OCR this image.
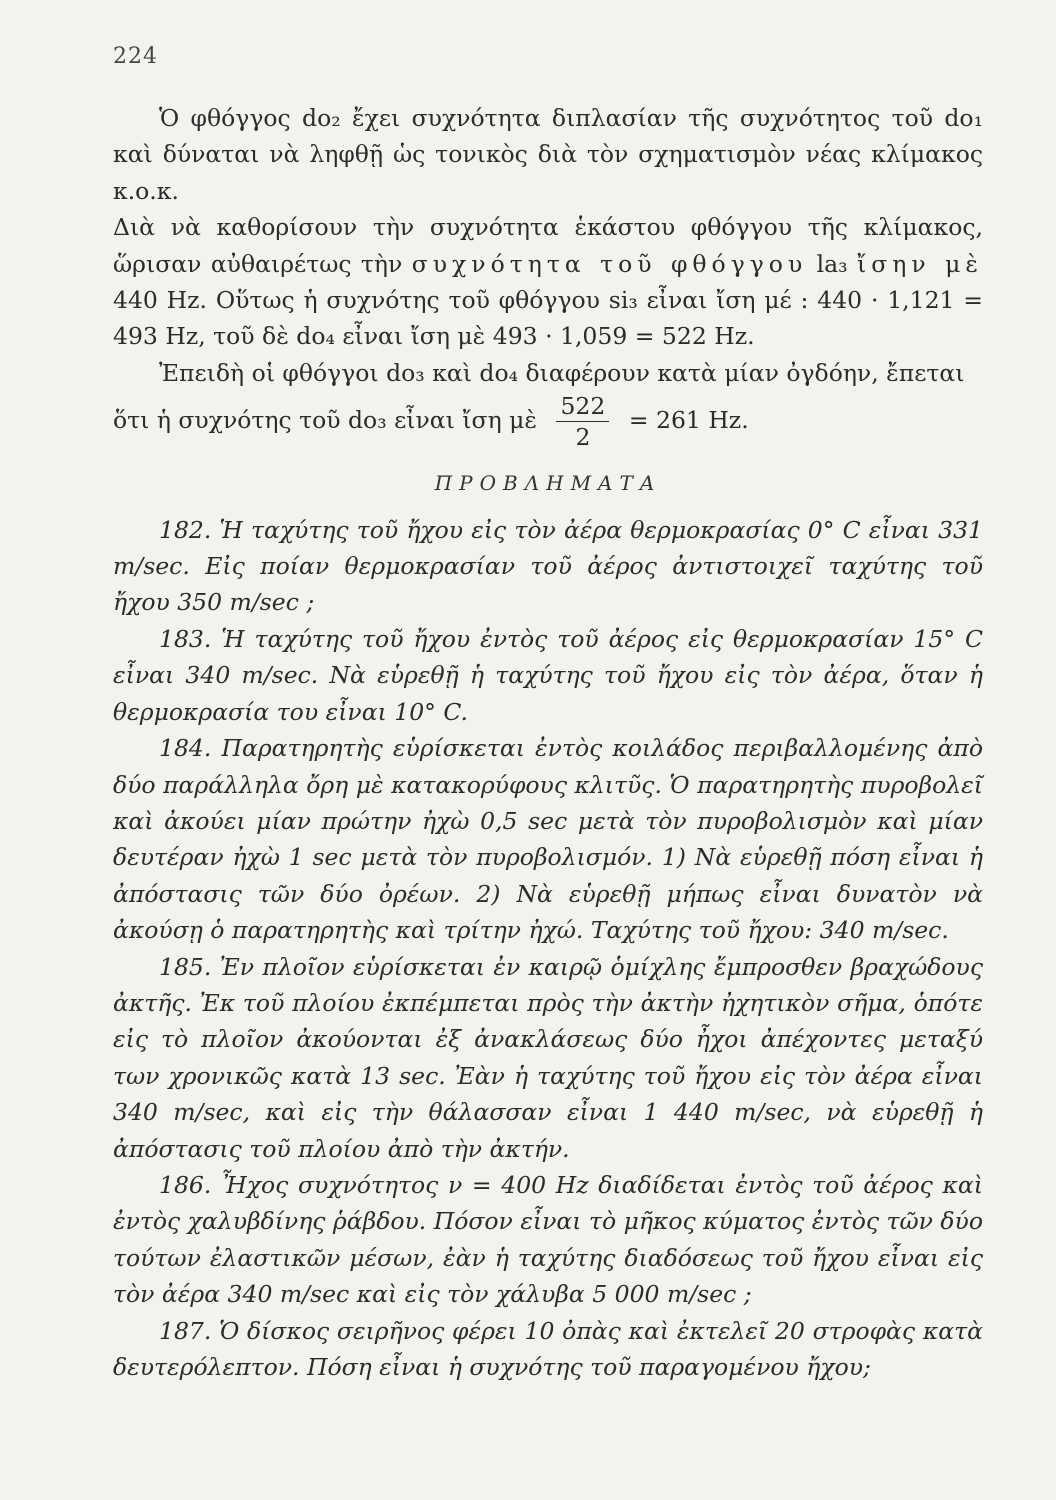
224

Ὁ φθόγγος do₂ ἔχει συχνότητα διπλασίαν τῆς συχνότητος τοῦ do₁ καὶ δύναται νὰ ληφθῇ ὡς τονικὸς διὰ τὸν σχηματισμὸν νέας κλίμακος κ.ο.κ.

Διὰ νὰ καθορίσουν τὴν συχνότητα ἑκάστου φθόγγου τῆς κλίμακος, ὥρισαν αὐθαιρέτως τὴν συχνότητα τοῦ φθόγγου la₃ ἴσην μὲ 440 Hz. Οὕτως ἡ συχνότης τοῦ φθόγγου si₃ εἶναι ἴση μέ : 440 · 1,121 = 493 Hz, τοῦ δὲ do₄ εἶναι ἴση μὲ 493 · 1,059 = 522 Hz.

Ἐπειδὴ οἱ φθόγγοι do₃ καὶ do₄ διαφέρουν κατὰ μίαν ὀγδόην, ἔπεται

ὅτι ἡ συχνότης τοῦ do₃ εἶναι ἴση μὲ $\frac{522}{2} = 261$ Hz.

ΠΡΟΒΛΗΜΑΤΑ

182. Ἡ ταχύτης τοῦ ἤχου εἰς τὸν ἀέρα θερμοκρασίας 0° C εἶναι 331 m/sec. Εἰς ποίαν θερμοκρασίαν τοῦ ἀέρος ἀντιστοιχεῖ ταχύτης τοῦ ἤχου 350 m/sec ;

183. Ἡ ταχύτης τοῦ ἤχου ἐντὸς τοῦ ἀέρος εἰς θερμοκρασίαν 15° C εἶναι 340 m/sec. Νὰ εὑρεθῇ ἡ ταχύτης τοῦ ἤχου εἰς τὸν ἀέρα, ὅταν ἡ θερμοκρασία του εἶναι 10° C.

184. Παρατηρητὴς εὑρίσκεται ἐντὸς κοιλάδος περιβαλλομένης ἀπὸ δύο παράλληλα ὄρη μὲ κατακορύφους κλιτῦς. Ὁ παρατηρητὴς πυροβολεῖ καὶ ἀκούει μίαν πρώτην ἠχὼ 0,5 sec μετὰ τὸν πυροβολισμὸν καὶ μίαν δευτέραν ἠχὼ 1 sec μετὰ τὸν πυροβολισμόν. 1) Νὰ εὑρεθῇ πόση εἶναι ἡ ἀπόστασις τῶν δύο ὀρέων. 2) Νὰ εὑρεθῇ μήπως εἶναι δυνατὸν νὰ ἀκούσῃ ὁ παρατηρητὴς καὶ τρίτην ἠχώ. Ταχύτης τοῦ ἤχου: 340 m/sec.

185. Ἐν πλοῖον εὑρίσκεται ἐν καιρῷ ὁμίχλης ἔμπροσθεν βραχώδους ἀκτῆς. Ἐκ τοῦ πλοίου ἐκπέμπεται πρὸς τὴν ἀκτὴν ἠχητικὸν σῆμα, ὁπότε εἰς τὸ πλοῖον ἀκούονται ἐξ ἀνακλάσεως δύο ἦχοι ἀπέχοντες μεταξύ των χρονικῶς κατὰ 13 sec. Ἐὰν ἡ ταχύτης τοῦ ἤχου εἰς τὸν ἀέρα εἶναι 340 m/sec, καὶ εἰς τὴν θάλασσαν εἶναι 1 440 m/sec, νὰ εὑρεθῇ ἡ ἀπόστασις τοῦ πλοίου ἀπὸ τὴν ἀκτήν.

186. Ἦχος συχνότητος ν = 400 Hz διαδίδεται ἐντὸς τοῦ ἀέρος καὶ ἐντὸς χαλυβδίνης ῥάβδου. Πόσον εἶναι τὸ μῆκος κύματος ἐντὸς τῶν δύο τούτων ἐλαστικῶν μέσων, ἐὰν ἡ ταχύτης διαδόσεως τοῦ ἤχου εἶναι εἰς τὸν ἀέρα 340 m/sec καὶ εἰς τὸν χάλυβα 5 000 m/sec ;

187. Ὁ δίσκος σειρῆνος φέρει 10 ὀπὰς καὶ ἐκτελεῖ 20 στροφὰς κατὰ δευτερόλεπτον. Πόση εἶναι ἡ συχνότης τοῦ παραγομένου ἤχου;
